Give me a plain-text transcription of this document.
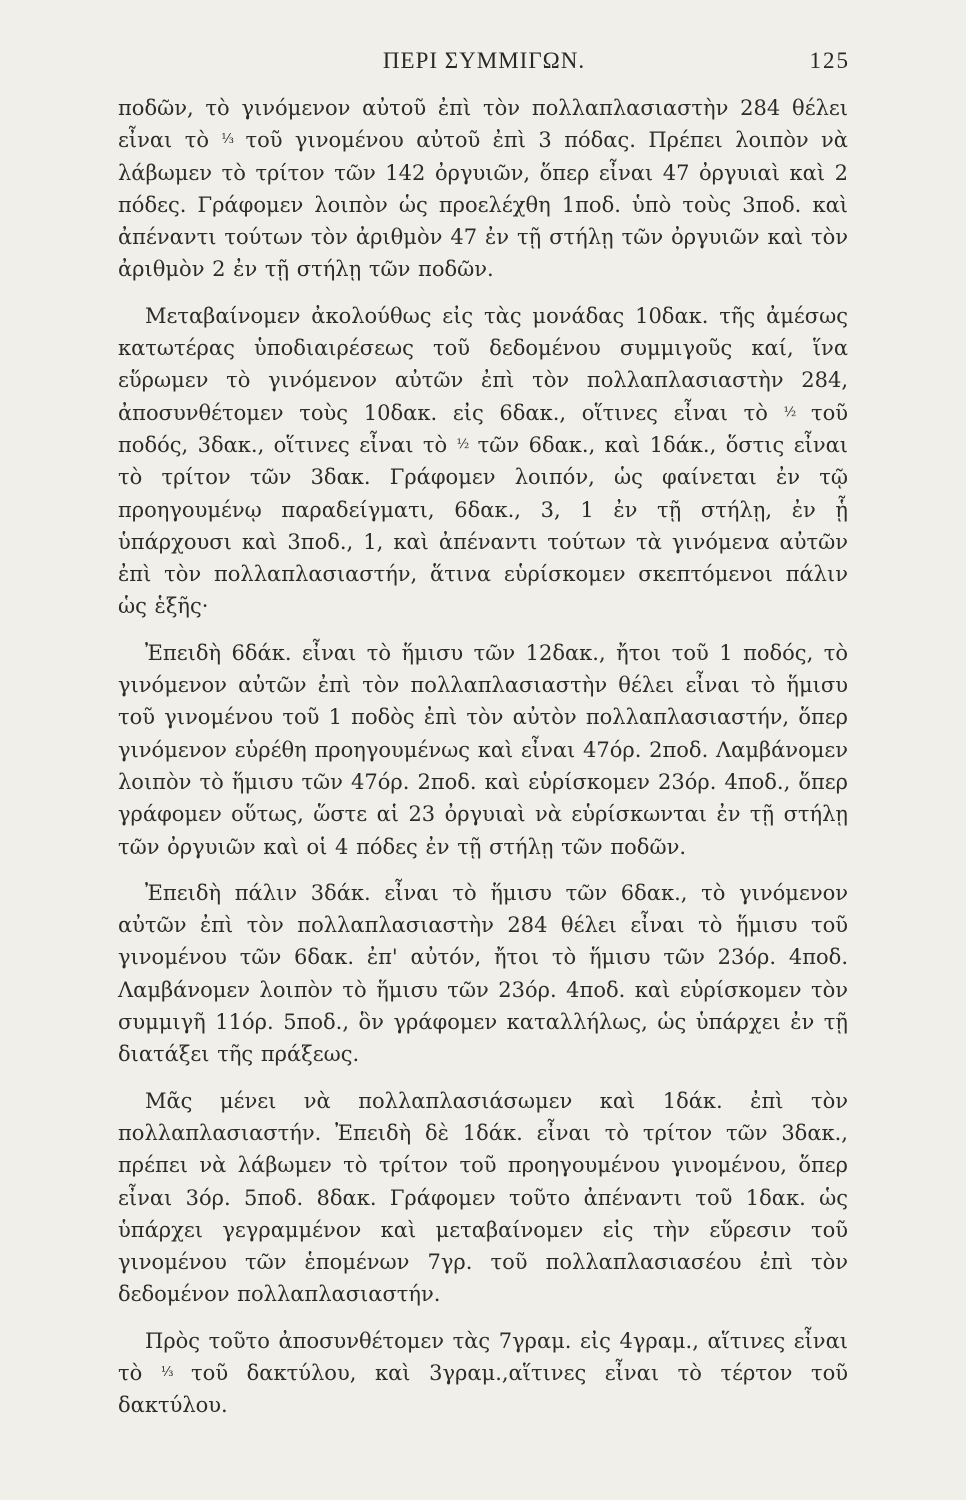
ΠΕΡΙ ΣΥΜΜΙΓΩΝ.	125

ποδῶν, τὸ γινόμενον αὐτοῦ ἐπὶ τὸν πολλαπλασιαστὴν 284 θέλει εἶναι τὸ ⅓ τοῦ γινομένου αὐτοῦ ἐπὶ 3 πόδας. Πρέπει λοιπὸν νὰ λάβωμεν τὸ τρίτον τῶν 142 ὀργυιῶν, ὅπερ εἶναι 47 ὀργυιαὶ καὶ 2 πόδες. Γράφομεν λοιπὸν ὡς προελέχθη 1ποδ. ὑπὸ τοὺς 3ποδ. καὶ ἀπέναντι τούτων τὸν ἀριθμὸν 47 ἐν τῇ στήλῃ τῶν ὀργυιῶν καὶ τὸν ἀριθμὸν 2 ἐν τῇ στήλῃ τῶν ποδῶν.

Μεταβαίνομεν ἀκολούθως εἰς τὰς μονάδας 10δακ. τῆς ἀμέσως κατωτέρας ὑποδιαιρέσεως τοῦ δεδομένου συμμιγοῦς καί, ἵνα εὕρωμεν τὸ γινόμενον αὐτῶν ἐπὶ τὸν πολλαπλασιαστὴν 284, ἀποσυνθέτομεν τοὺς 10δακ. εἰς 6δακ., οἵτινες εἶναι τὸ ½ τοῦ ποδός, 3δακ., οἵτινες εἶναι τὸ ½ τῶν 6δακ., καὶ 1δάκ., ὅστις εἶναι τὸ τρίτον τῶν 3δακ. Γράφομεν λοιπόν, ὡς φαίνεται ἐν τῷ προηγουμένῳ παραδείγματι, 6δακ., 3, 1 ἐν τῇ στήλῃ, ἐν ᾗ ὑπάρχουσι καὶ 3ποδ., 1, καὶ ἀπέναντι τούτων τὰ γινόμενα αὐτῶν ἐπὶ τὸν πολλαπλασιαστήν, ἅτινα εὑρίσκομεν σκεπτόμενοι πάλιν ὡς ἑξῆς·

Ἐπειδὴ 6δάκ. εἶναι τὸ ἥμισυ τῶν 12δακ., ἤτοι τοῦ 1 ποδός, τὸ γινόμενον αὐτῶν ἐπὶ τὸν πολλαπλασιαστὴν θέλει εἶναι τὸ ἥμισυ τοῦ γινομένου τοῦ 1 ποδὸς ἐπὶ τὸν αὐτὸν πολλαπλασιαστήν, ὅπερ γινόμενον εὑρέθη προηγουμένως καὶ εἶναι 47όρ. 2ποδ. Λαμβάνομεν λοιπὸν τὸ ἥμισυ τῶν 47όρ. 2ποδ. καὶ εὑρίσκομεν 23όρ. 4ποδ., ὅπερ γράφομεν οὕτως, ὥστε αἱ 23 ὀργυιαὶ νὰ εὑρίσκωνται ἐν τῇ στήλῃ τῶν ὀργυιῶν καὶ οἱ 4 πόδες ἐν τῇ στήλῃ τῶν ποδῶν.

Ἐπειδὴ πάλιν 3δάκ. εἶναι τὸ ἥμισυ τῶν 6δακ., τὸ γινόμενον αὐτῶν ἐπὶ τὸν πολλαπλασιαστὴν 284 θέλει εἶναι τὸ ἥμισυ τοῦ γινομένου τῶν 6δακ. ἐπ' αὐτόν, ἤτοι τὸ ἥμισυ τῶν 23όρ. 4ποδ. Λαμβάνομεν λοιπὸν τὸ ἥμισυ τῶν 23όρ. 4ποδ. καὶ εὑρίσκομεν τὸν συμμιγῆ 11όρ. 5ποδ., ὃν γράφομεν καταλλήλως, ὡς ὑπάρχει ἐν τῇ διατάξει τῆς πράξεως.

Μᾶς μένει νὰ πολλαπλασιάσωμεν καὶ 1δάκ. ἐπὶ τὸν πολλαπλασιαστήν. Ἐπειδὴ δὲ 1δάκ. εἶναι τὸ τρίτον τῶν 3δακ., πρέπει νὰ λάβωμεν τὸ τρίτον τοῦ προηγουμένου γινομένου, ὅπερ εἶναι 3όρ. 5ποδ. 8δακ. Γράφομεν τοῦτο ἀπέναντι τοῦ 1δακ. ὡς ὑπάρχει γεγραμμένον καὶ μεταβαίνομεν εἰς τὴν εὕρεσιν τοῦ γινομένου τῶν ἑπομένων 7γρ. τοῦ πολλαπλασιασέου ἐπὶ τὸν δεδομένον πολλαπλασιαστήν.

Πρὸς τοῦτο ἀποσυνθέτομεν τὰς 7γραμ. εἰς 4γραμ., αἵτινες εἶναι τὸ ⅓ τοῦ δακτύλου, καὶ 3γραμ.,αἵτινες εἶναι τὸ τέρτον τοῦ δακτύλου.
